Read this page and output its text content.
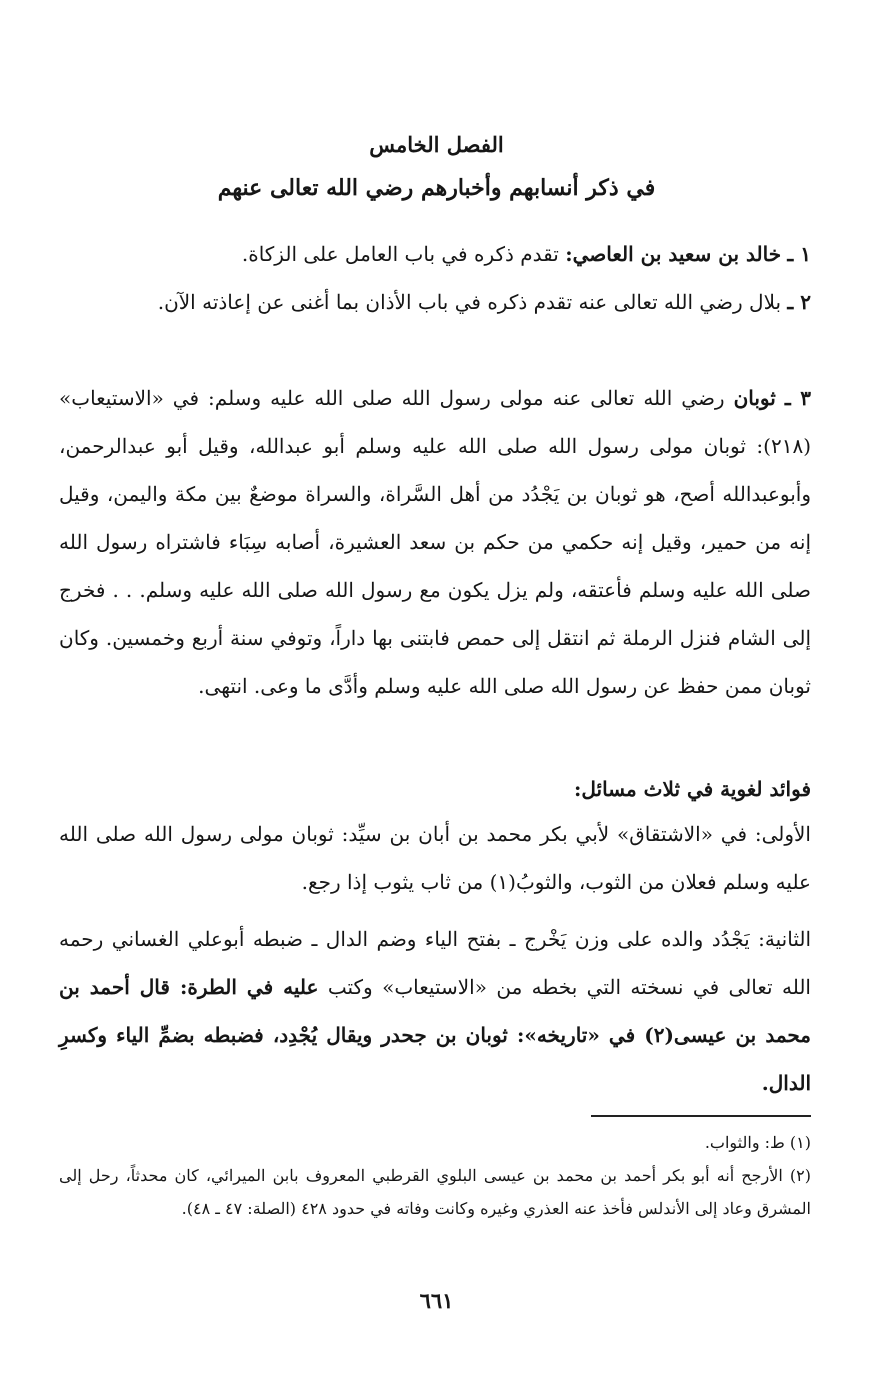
الفصل الخامس
في ذكر أنسابهم وأخبارهم رضي الله تعالى عنهم

١ ـ خالد بن سعيد بن العاصي: تقدم ذكره في باب العامل على الزكاة.

٢ ـ بلال رضي الله تعالى عنه تقدم ذكره في باب الأذان بما أغنى عن إعاذته الآن.

٣ ـ ثوبان رضي الله تعالى عنه مولى رسول الله صلى الله عليه وسلم: في «الاستيعاب» (٢١٨): ثوبان مولى رسول الله صلى الله عليه وسلم أبو عبدالله، وقيل أبو عبدالرحمن، وأبوعبدالله أصح، هو ثوبان بن يَجْدُد من أهل السَّراة، والسراة موضعٌ بين مكة واليمن، وقيل إنه من حمير، وقيل إنه حكمي من حكم بن سعد العشيرة، أصابه سِبَاء فاشتراه رسول الله صلى الله عليه وسلم فأعتقه، ولم يزل يكون مع رسول الله صلى الله عليه وسلم. . . فخرج إلى الشام فنزل الرملة ثم انتقل إلى حمص فابتنى بها داراً، وتوفي سنة أربع وخمسين. وكان ثوبان ممن حفظ عن رسول الله صلى الله عليه وسلم وأدَّى ما وعى. انتهى.

فوائد لغوية في ثلاث مسائل:

الأولى: في «الاشتقاق» لأبي بكر محمد بن أبان بن سيِّد: ثوبان مولى رسول الله صلى الله عليه وسلم فعلان من الثوب، والثوبُ(١) من ثاب يثوب إذا رجع.

الثانية: يَجْدُد والده على وزن يَخْرج ـ بفتح الياء وضم الدال ـ ضبطه أبوعلي الغساني رحمه الله تعالى في نسخته التي بخطه من «الاستيعاب» وكتب عليه في الطرة: قال أحمد بن محمد بن عيسى(٢) في «تاريخه»: ثوبان بن جحدر ويقال يُجْدِد، فضبطه بضمِّ الياء وكسرِ الدال.

(١) ط: والثواب.

(٢) الأرجح أنه أبو بكر أحمد بن محمد بن عيسى البلوي القرطبي المعروف بابن الميرائي، كان محدثاً، رحل إلى المشرق وعاد إلى الأندلس فأخذ عنه العذري وغيره وكانت وفاته في حدود ٤٢٨ (الصلة: ٤٧ ـ ٤٨).

٦٦١
